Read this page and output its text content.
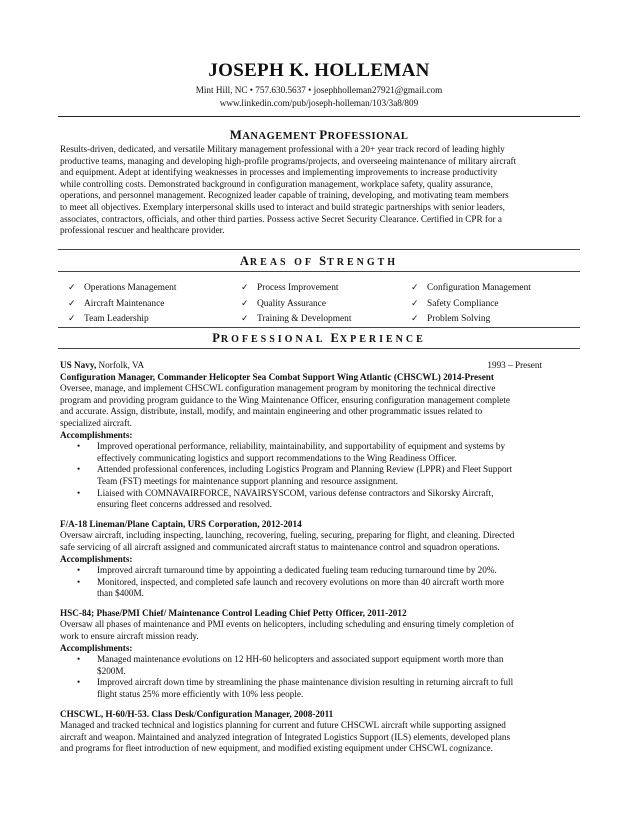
JOSEPH K. HOLLEMAN
Mint Hill, NC • 757.630.5637 • josephholleman27921@gmail.com
www.linkedin.com/pub/joseph-holleman/103/3a8/809
MANAGEMENT PROFESSIONAL
Results-driven, dedicated, and versatile Military management professional with a 20+ year track record of leading highly
productive teams, managing and developing high-profile programs/projects, and overseeing maintenance of military aircraft
and equipment. Adept at identifying weaknesses in processes and implementing improvements to increase productivity
while controlling costs. Demonstrated background in configuration management, workplace safety, quality assurance,
operations, and personnel management. Recognized leader capable of training, developing, and motivating team members
to meet all objectives. Exemplary interpersonal skills used to interact and build strategic partnerships with senior leaders,
associates, contractors, officials, and other third parties. Possess active Secret Security Clearance. Certified in CPR for a
professional rescuer and healthcare provider.
AREAS OF STRENGTH
✓ Operations Management
✓ Aircraft Maintenance
✓ Team Leadership
✓ Process Improvement
✓ Quality Assurance
✓ Training & Development
✓ Configuration Management
✓ Safety Compliance
✓ Problem Solving
PROFESSIONAL EXPERIENCE
US Navy, Norfolk, VA	1993 – Present
Configuration Manager, Commander Helicopter Sea Combat Support Wing Atlantic (CHSCWL) 2014-Present
Oversee, manage, and implement CHSCWL configuration management program by monitoring the technical directive
program and providing program guidance to the Wing Maintenance Officer, ensuring configuration management complete
and accurate. Assign, distribute, install, modify, and maintain engineering and other programmatic issues related to
specialized aircraft.
Accomplishments:
• Improved operational performance, reliability, maintainability, and supportability of equipment and systems by
effectively communicating logistics and support recommendations to the Wing Readiness Officer.
• Attended professional conferences, including Logistics Program and Planning Review (LPPR) and Fleet Support
Team (FST) meetings for maintenance support planning and resource assignment.
• Liaised with COMNAVAIRFORCE, NAVAIRSYSCOM, various defense contractors and Sikorsky Aircraft,
ensuring fleet concerns addressed and resolved.
F/A-18 Lineman/Plane Captain, URS Corporation, 2012-2014
Oversaw aircraft, including inspecting, launching, recovering, fueling, securing, preparing for flight, and cleaning. Directed
safe servicing of all aircraft assigned and communicated aircraft status to maintenance control and squadron operations.
Accomplishments:
• Improved aircraft turnaround time by appointing a dedicated fueling team reducing turnaround time by 20%.
• Monitored, inspected, and completed safe launch and recovery evolutions on more than 40 aircraft worth more
than $400M.
HSC-84; Phase/PMI Chief/ Maintenance Control Leading Chief Petty Officer, 2011-2012
Oversaw all phases of maintenance and PMI events on helicopters, including scheduling and ensuring timely completion of
work to ensure aircraft mission ready.
Accomplishments:
• Managed maintenance evolutions on 12 HH-60 helicopters and associated support equipment worth more than
$200M.
• Improved aircraft down time by streamlining the phase maintenance division resulting in returning aircraft to full
flight status 25% more efficiently with 10% less people.
CHSCWL, H-60/H-53. Class Desk/Configuration Manager, 2008-2011
Managed and tracked technical and logistics planning for current and future CHSCWL aircraft while supporting assigned
aircraft and weapon. Maintained and analyzed integration of Integrated Logistics Support (ILS) elements, developed plans
and programs for fleet introduction of new equipment, and modified existing equipment under CHSCWL cognizance.
